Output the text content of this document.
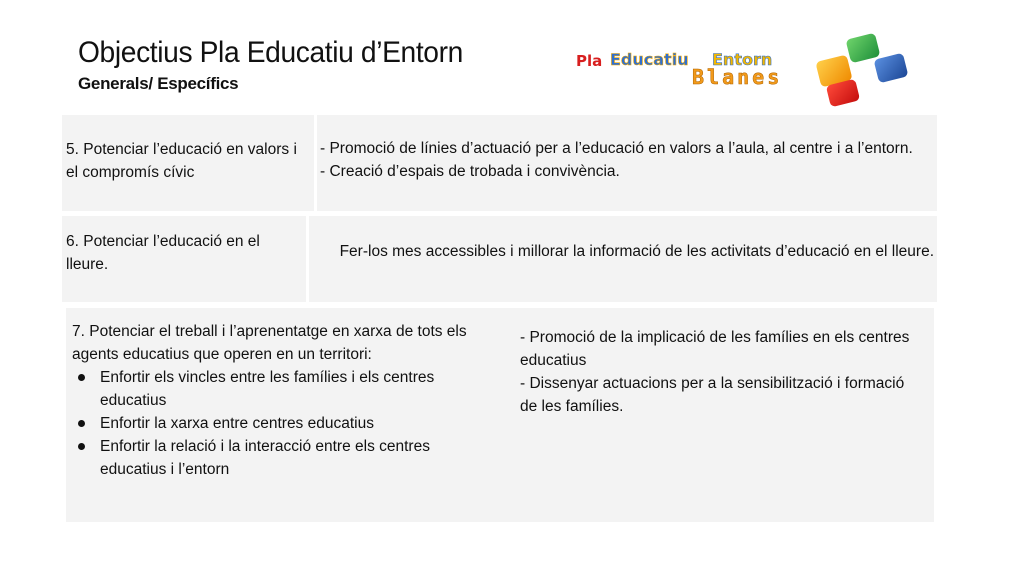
Objectius Pla Educatiu d’Entorn
Generals/ Específics
Pla Educatiu Entorn
Blanes
5. Potenciar l’educació en valors i el compromís cívic
- Promoció de línies d’actuació per a l’educació en valors a l’aula, al centre i a l’entorn.
- Creació d’espais de trobada i convivència.
6. Potenciar l’educació en el lleure.
Fer-los mes accessibles i millorar la informació de les activitats d’educació en el lleure.
7. Potenciar el treball i l’aprenentatge en xarxa de tots els agents educatius que operen en un territori:
Enfortir els vincles entre les famílies i els centres educatius
Enfortir la xarxa entre centres educatius
Enfortir la relació i la interacció entre els centres educatius i l’entorn
- Promoció de la implicació de les famílies en els centres educatius
- Dissenyar actuacions per a la sensibilització i formació de les famílies.
